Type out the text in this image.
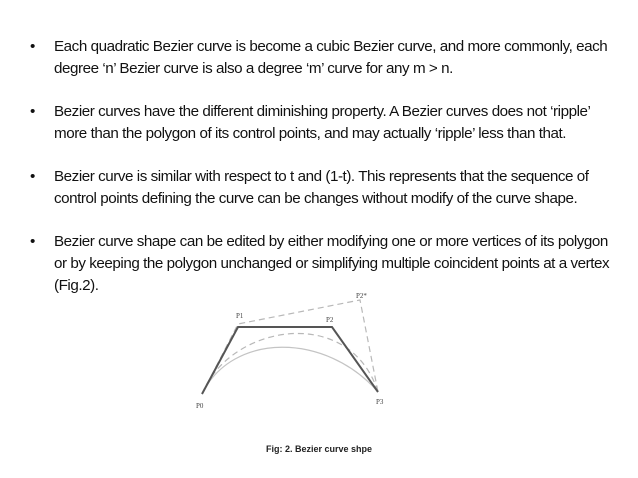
•	Each quadratic Bezier curve is become a cubic Bezier curve, and more commonly, each degree ‘n’ Bezier curve is also a degree ‘m’ curve for any m > n.
•	Bezier curves have the different diminishing property. A Bezier curves does not ‘ripple’ more than the polygon of its control points, and may actually ‘ripple’ less than that.
•	Bezier curve is similar with respect to t and (1-t). This represents that the sequence of control points defining the curve can be changes without modify of the curve shape.
•	Bezier curve shape can be edited by either modifying one or more vertices of its polygon or by keeping the polygon unchanged or simplifying multiple coincident points at a vertex (Fig.2).
P0
P1	P2
P2*
P3
Fig: 2. Bezier curve shpe
